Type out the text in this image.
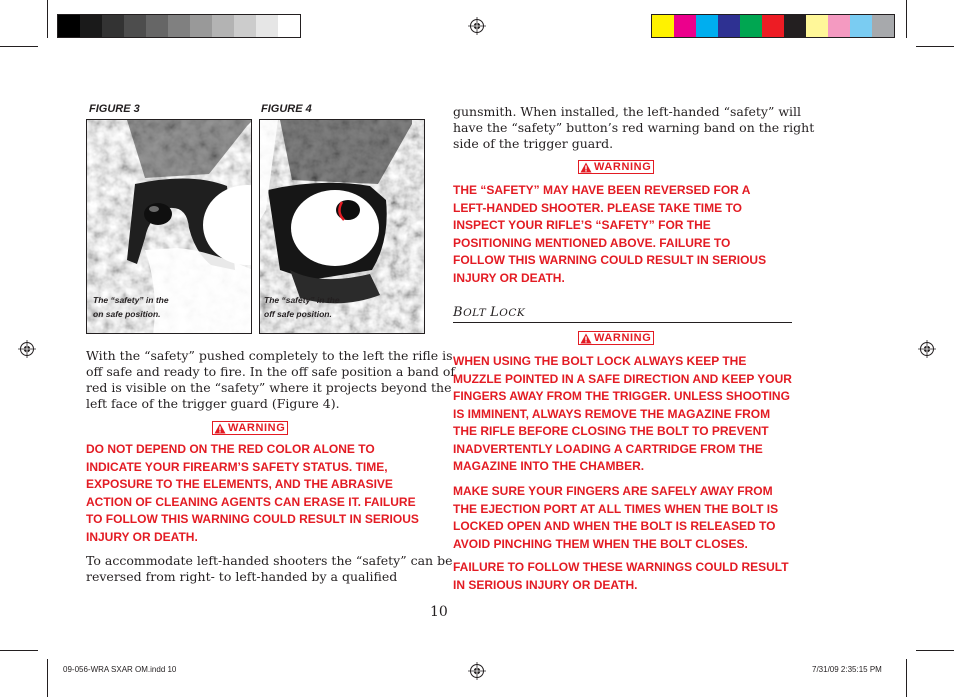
FIGURE 3	FIGURE 4
The “safety” in the
on safe position.
The “safety” in the
off safe position.
With the “safety” pushed completely to the left the rifle is
off safe and ready to fire. In the off safe position a band of
red is visible on the “safety” where it projects beyond the
left face of the trigger guard (Figure 4).
WARNING
DO NOT DEPEND ON THE RED COLOR ALONE TO
INDICATE YOUR FIREARM’S SAFETY STATUS. TIME,
EXPOSURE TO THE ELEMENTS, AND THE ABRASIVE
ACTION OF CLEANING AGENTS CAN ERASE IT. FAILURE
TO FOLLOW THIS WARNING COULD RESULT IN SERIOUS
INJURY OR DEATH.
To accommodate left-handed shooters the “safety” can be
reversed from right- to left-handed by a qualified
gunsmith. When installed, the left-handed “safety” will
have the “safety” button’s red warning band on the right
side of the trigger guard.
WARNING
THE “SAFETY” MAY HAVE BEEN REVERSED FOR A
LEFT-HANDED SHOOTER. PLEASE TAKE TIME TO
INSPECT YOUR RIFLE’S “SAFETY” FOR THE
POSITIONING MENTIONED ABOVE. FAILURE TO
FOLLOW THIS WARNING COULD RESULT IN SERIOUS
INJURY OR DEATH.
BOLT LOCK
WARNING
WHEN USING THE BOLT LOCK ALWAYS KEEP THE
MUZZLE POINTED IN A SAFE DIRECTION AND KEEP YOUR
FINGERS AWAY FROM THE TRIGGER. UNLESS SHOOTING
IS IMMINENT, ALWAYS REMOVE THE MAGAZINE FROM
THE RIFLE BEFORE CLOSING THE BOLT TO PREVENT
INADVERTENTLY LOADING A CARTRIDGE FROM THE
MAGAZINE INTO THE CHAMBER.
MAKE SURE YOUR FINGERS ARE SAFELY AWAY FROM
THE EJECTION PORT AT ALL TIMES WHEN THE BOLT IS
LOCKED OPEN AND WHEN THE BOLT IS RELEASED TO
AVOID PINCHING THEM WHEN THE BOLT CLOSES.
FAILURE TO FOLLOW THESE WARNINGS COULD RESULT
IN SERIOUS INJURY OR DEATH.
10
09-056-WRA SXAR OM.indd 10	7/31/09 2:35:15 PM
